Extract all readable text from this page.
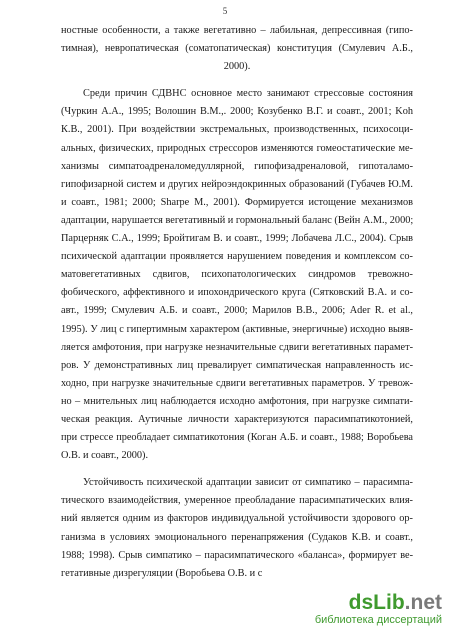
5
ностные особенности, а также вегетативно – лабильная, депрессивная (гипо-
тимная), невропатическая (соматопатическая) конституция (Смулевич А.Б.,
2000).
Среди причин СДВНС основное место занимают стрессовые состояния
(Чуркин А.А., 1995; Волошин В.М.,. 2000; Козубенко В.Г. и соавт., 2001; Koh
К.В., 2001). При воздействии экстремальных, производственных, психосоци-
альных, физических, природных стрессоров изменяются гомеостатические ме-
ханизмы симпатоадреналомедуллярной, гипофизадреналовой, гипоталамо-
гипофизарной систем и других нейроэндокринных образований (Губачев Ю.М.
и соавт., 1981; 2000; Sharpe M., 2001). Формируется истощение механизмов
адаптации, нарушается вегетативный и гормональный баланс (Вейн А.М., 2000;
Парцерняк С.А., 1999; Бройтигам В. и соавт., 1999; Лобачева Л.С., 2004). Срыв
психической адаптации проявляется нарушением поведения и комплексом со-
матовегетативных сдвигов, психопатологических синдромов тревожно-
фобического, аффективного и ипохондрического круга (Сятковский В.А. и со-
авт., 1999; Смулевич А.Б. и соавт., 2000; Марилов В.В., 2006; Ader R. et al.,
1995). У лиц с гипертимным характером (активные, энергичные) исходно выяв-
ляется амфотония, при нагрузке незначительные сдвиги вегетативных парамет-
ров. У демонстративных лиц превалирует симпатическая направленность ис-
ходно, при нагрузке значительные сдвиги вегетативных параметров. У тревож-
но – мнительных лиц наблюдается исходно амфотония, при нагрузке симпати-
ческая реакция. Аутичные личности характеризуются парасимпатикотонией,
при стрессе преобладает симпатикотония (Коган А.Б. и соавт., 1988; Воробьева
О.В. и соавт., 2000).
Устойчивость психической адаптации зависит от симпатико – парасимпа-
тического взаимодействия, умеренное преобладание парасимпатических влия-
ний является одним из факторов индивидуальной устойчивости здорового ор-
ганизма в условиях эмоционального перенапряжения (Судаков К.В. и соавт.,
1988; 1998). Срыв симпатико – парасимпатического «баланса», формирует ве-
гетативные дизрегуляции (Воробьева О.В. и с
dsLib.net
библиотека диссертаций
